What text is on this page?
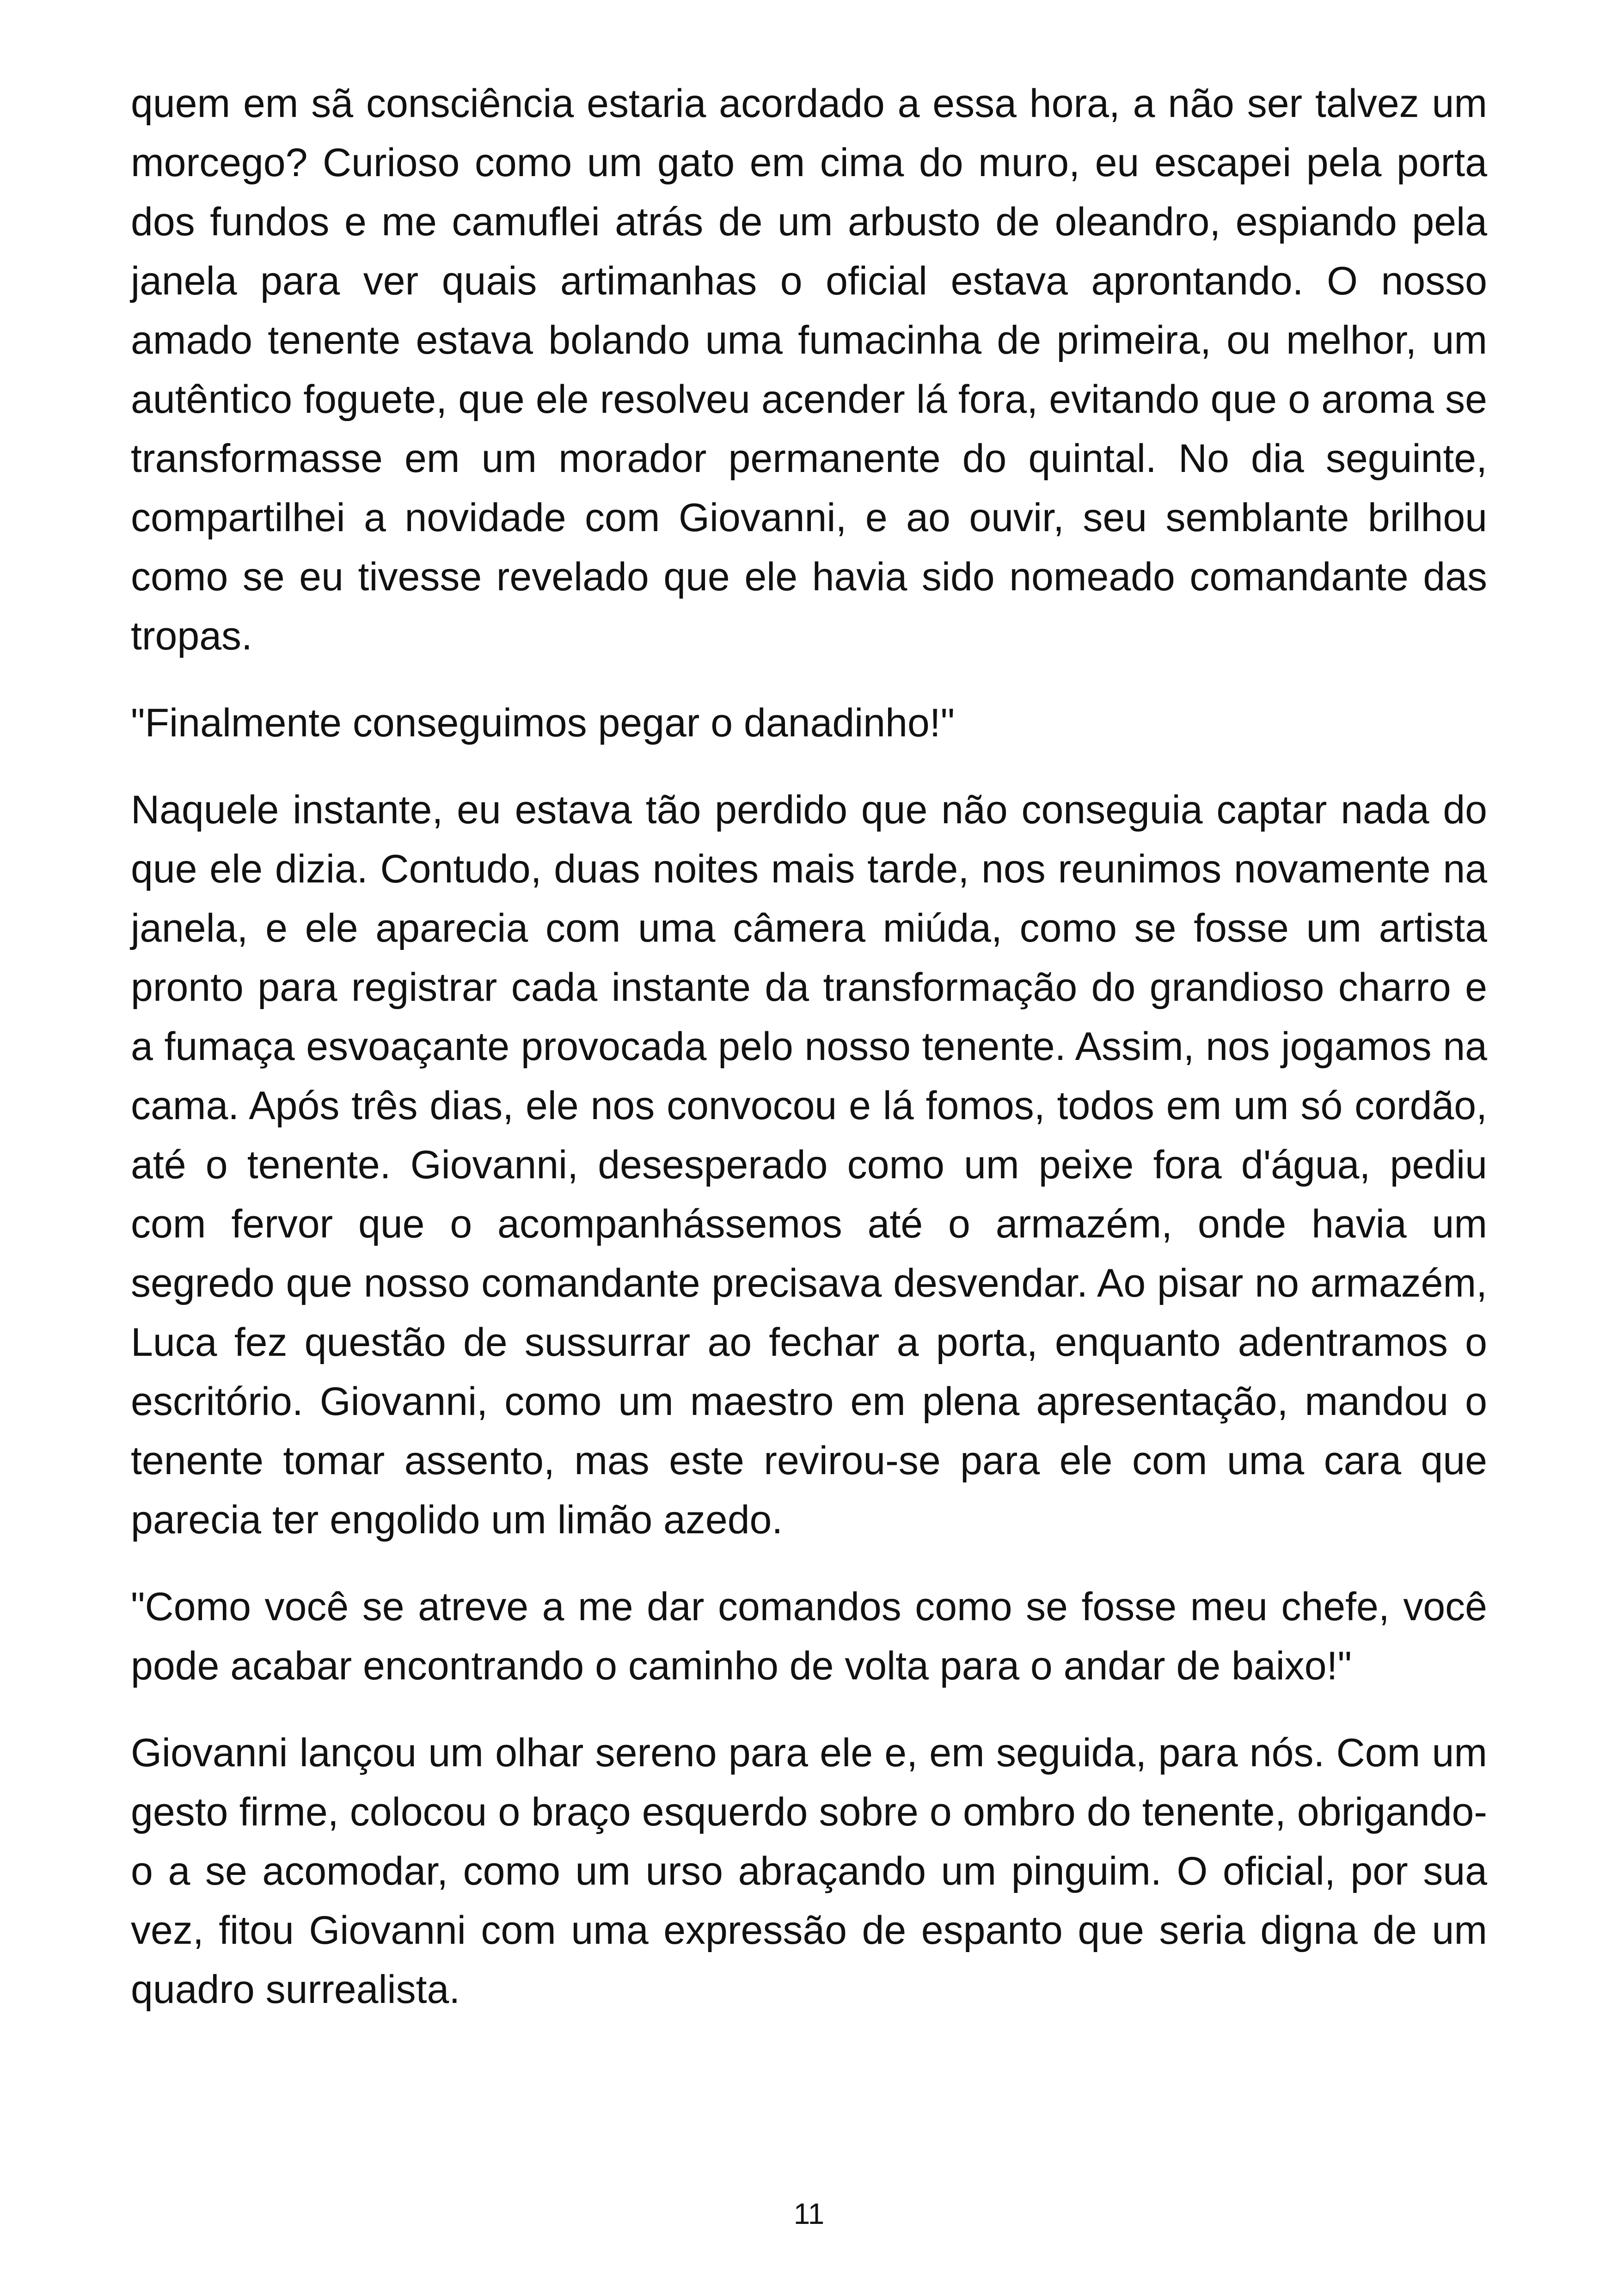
quem em sã consciência estaria acordado a essa hora, a não ser talvez um morcego? Curioso como um gato em cima do muro, eu escapei pela porta dos fundos e me camuflei atrás de um arbusto de oleandro, espiando pela janela para ver quais artimanhas o oficial estava aprontando. O nosso amado tenente estava bolando uma fumacinha de primeira, ou melhor, um autêntico foguete, que ele resolveu acender lá fora, evitando que o aroma se transformasse em um morador permanente do quintal. No dia seguinte, compartilhei a novidade com Giovanni, e ao ouvir, seu semblante brilhou como se eu tivesse revelado que ele havia sido nomeado comandante das tropas.

"Finalmente conseguimos pegar o danadinho!"

Naquele instante, eu estava tão perdido que não conseguia captar nada do que ele dizia. Contudo, duas noites mais tarde, nos reunimos novamente na janela, e ele aparecia com uma câmera miúda, como se fosse um artista pronto para registrar cada instante da transformação do grandioso charro e a fumaça esvoaçante provocada pelo nosso tenente. Assim, nos jogamos na cama. Após três dias, ele nos convocou e lá fomos, todos em um só cordão, até o tenente. Giovanni, desesperado como um peixe fora d'água, pediu com fervor que o acompanhássemos até o armazém, onde havia um segredo que nosso comandante precisava desvendar. Ao pisar no armazém, Luca fez questão de sussurrar ao fechar a porta, enquanto adentramos o escritório. Giovanni, como um maestro em plena apresentação, mandou o tenente tomar assento, mas este revirou-se para ele com uma cara que parecia ter engolido um limão azedo.

"Como você se atreve a me dar comandos como se fosse meu chefe, você pode acabar encontrando o caminho de volta para o andar de baixo!"

Giovanni lançou um olhar sereno para ele e, em seguida, para nós. Com um gesto firme, colocou o braço esquerdo sobre o ombro do tenente, obrigando-o a se acomodar, como um urso abraçando um pinguim. O oficial, por sua vez, fitou Giovanni com uma expressão de espanto que seria digna de um quadro surrealista.

11
